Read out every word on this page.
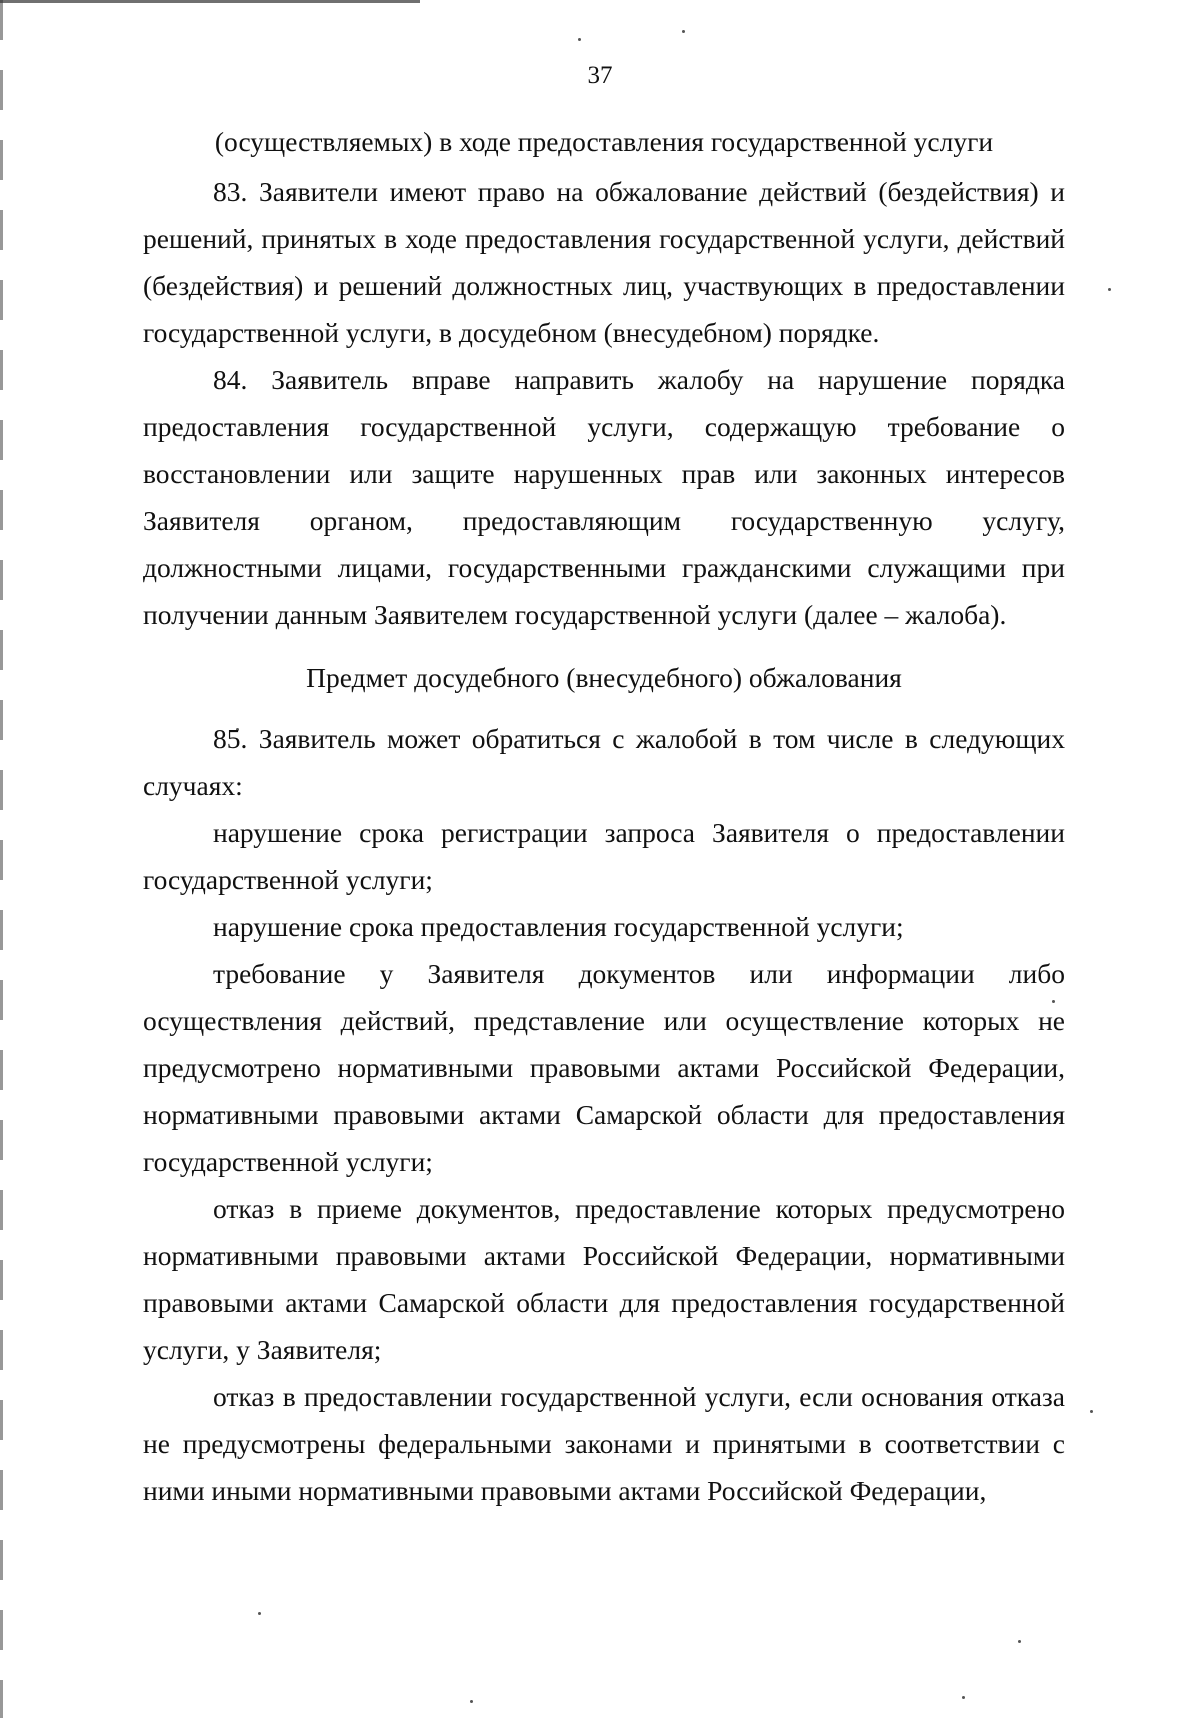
37

(осуществляемых) в ходе предоставления государственной услуги

83. Заявители имеют право на обжалование действий (бездействия) и решений, принятых в ходе предоставления государственной услуги, действий (бездействия) и решений должностных лиц, участвующих в предоставлении государственной услуги, в досудебном (внесудебном) порядке.

84. Заявитель вправе направить жалобу на нарушение порядка предоставления государственной услуги, содержащую требование о восстановлении или защите нарушенных прав или законных интересов Заявителя органом, предоставляющим государственную услугу, должностными лицами, государственными гражданскими служащими при получении данным Заявителем государственной услуги (далее – жалоба).

Предмет досудебного (внесудебного) обжалования

85. Заявитель может обратиться с жалобой в том числе в следующих случаях:

нарушение срока регистрации запроса Заявителя о предоставлении государственной услуги;

нарушение срока предоставления государственной услуги;

требование у Заявителя документов или информации либо осуществления действий, представление или осуществление которых не предусмотрено нормативными правовыми актами Российской Федерации, нормативными правовыми актами Самарской области для предоставления государственной услуги;

отказ в приеме документов, предоставление которых предусмотрено нормативными правовыми актами Российской Федерации, нормативными правовыми актами Самарской области для предоставления государственной услуги, у Заявителя;

отказ в предоставлении государственной услуги, если основания отказа не предусмотрены федеральными законами и принятыми в соответствии с ними иными нормативными правовыми актами Российской Федерации,
